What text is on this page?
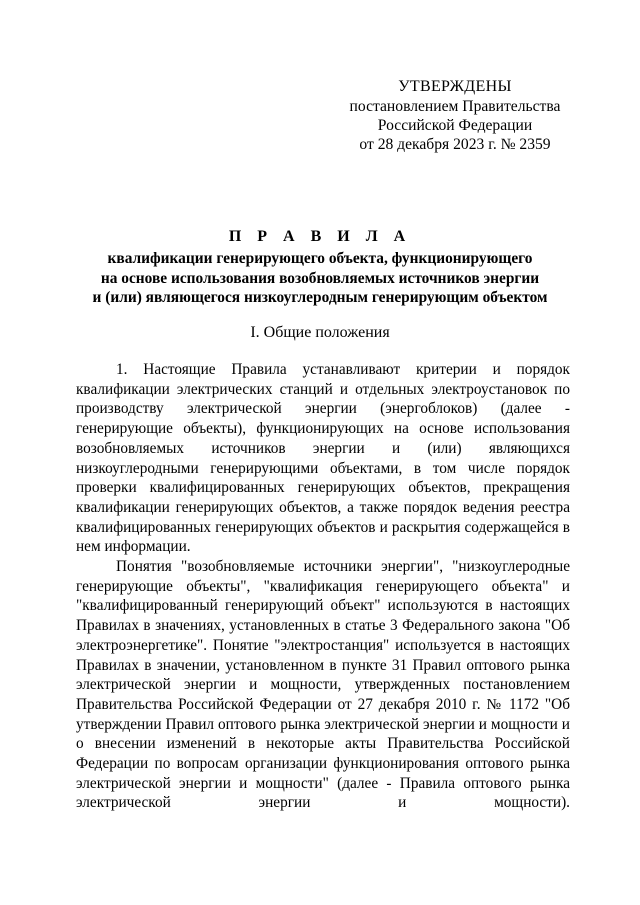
УТВЕРЖДЕНЫ
постановлением Правительства
Российской Федерации
от 28 декабря 2023 г. № 2359
П Р А В И Л А
квалификации генерирующего объекта, функционирующего
на основе использования возобновляемых источников энергии
и (или) являющегося низкоуглеродным генерирующим объектом
I. Общие положения

1. Настоящие Правила устанавливают критерии и порядок квалификации электрических станций и отдельных электроустановок по производству электрической энергии (энергоблоков) (далее - генерирующие объекты), функционирующих на основе использования возобновляемых источников энергии и (или) являющихся низкоуглеродными генерирующими объектами, в том числе порядок проверки квалифицированных генерирующих объектов, прекращения квалификации генерирующих объектов, а также порядок ведения реестра квалифицированных генерирующих объектов и раскрытия содержащейся в нем информации.

Понятия "возобновляемые источники энергии", "низкоуглеродные генерирующие объекты", "квалификация генерирующего объекта" и "квалифицированный генерирующий объект" используются в настоящих Правилах в значениях, установленных в статье 3 Федерального закона "Об электроэнергетике". Понятие "электростанция" используется в настоящих Правилах в значении, установленном в пункте 31 Правил оптового рынка электрической энергии и мощности, утвержденных постановлением Правительства Российской Федерации от 27 декабря 2010 г. № 1172 "Об утверждении Правил оптового рынка электрической энергии и мощности и о внесении изменений в некоторые акты Правительства Российской Федерации по вопросам организации функционирования оптового рынка электрической энергии и мощности" (далее - Правила оптового рынка электрической энергии и мощности).
